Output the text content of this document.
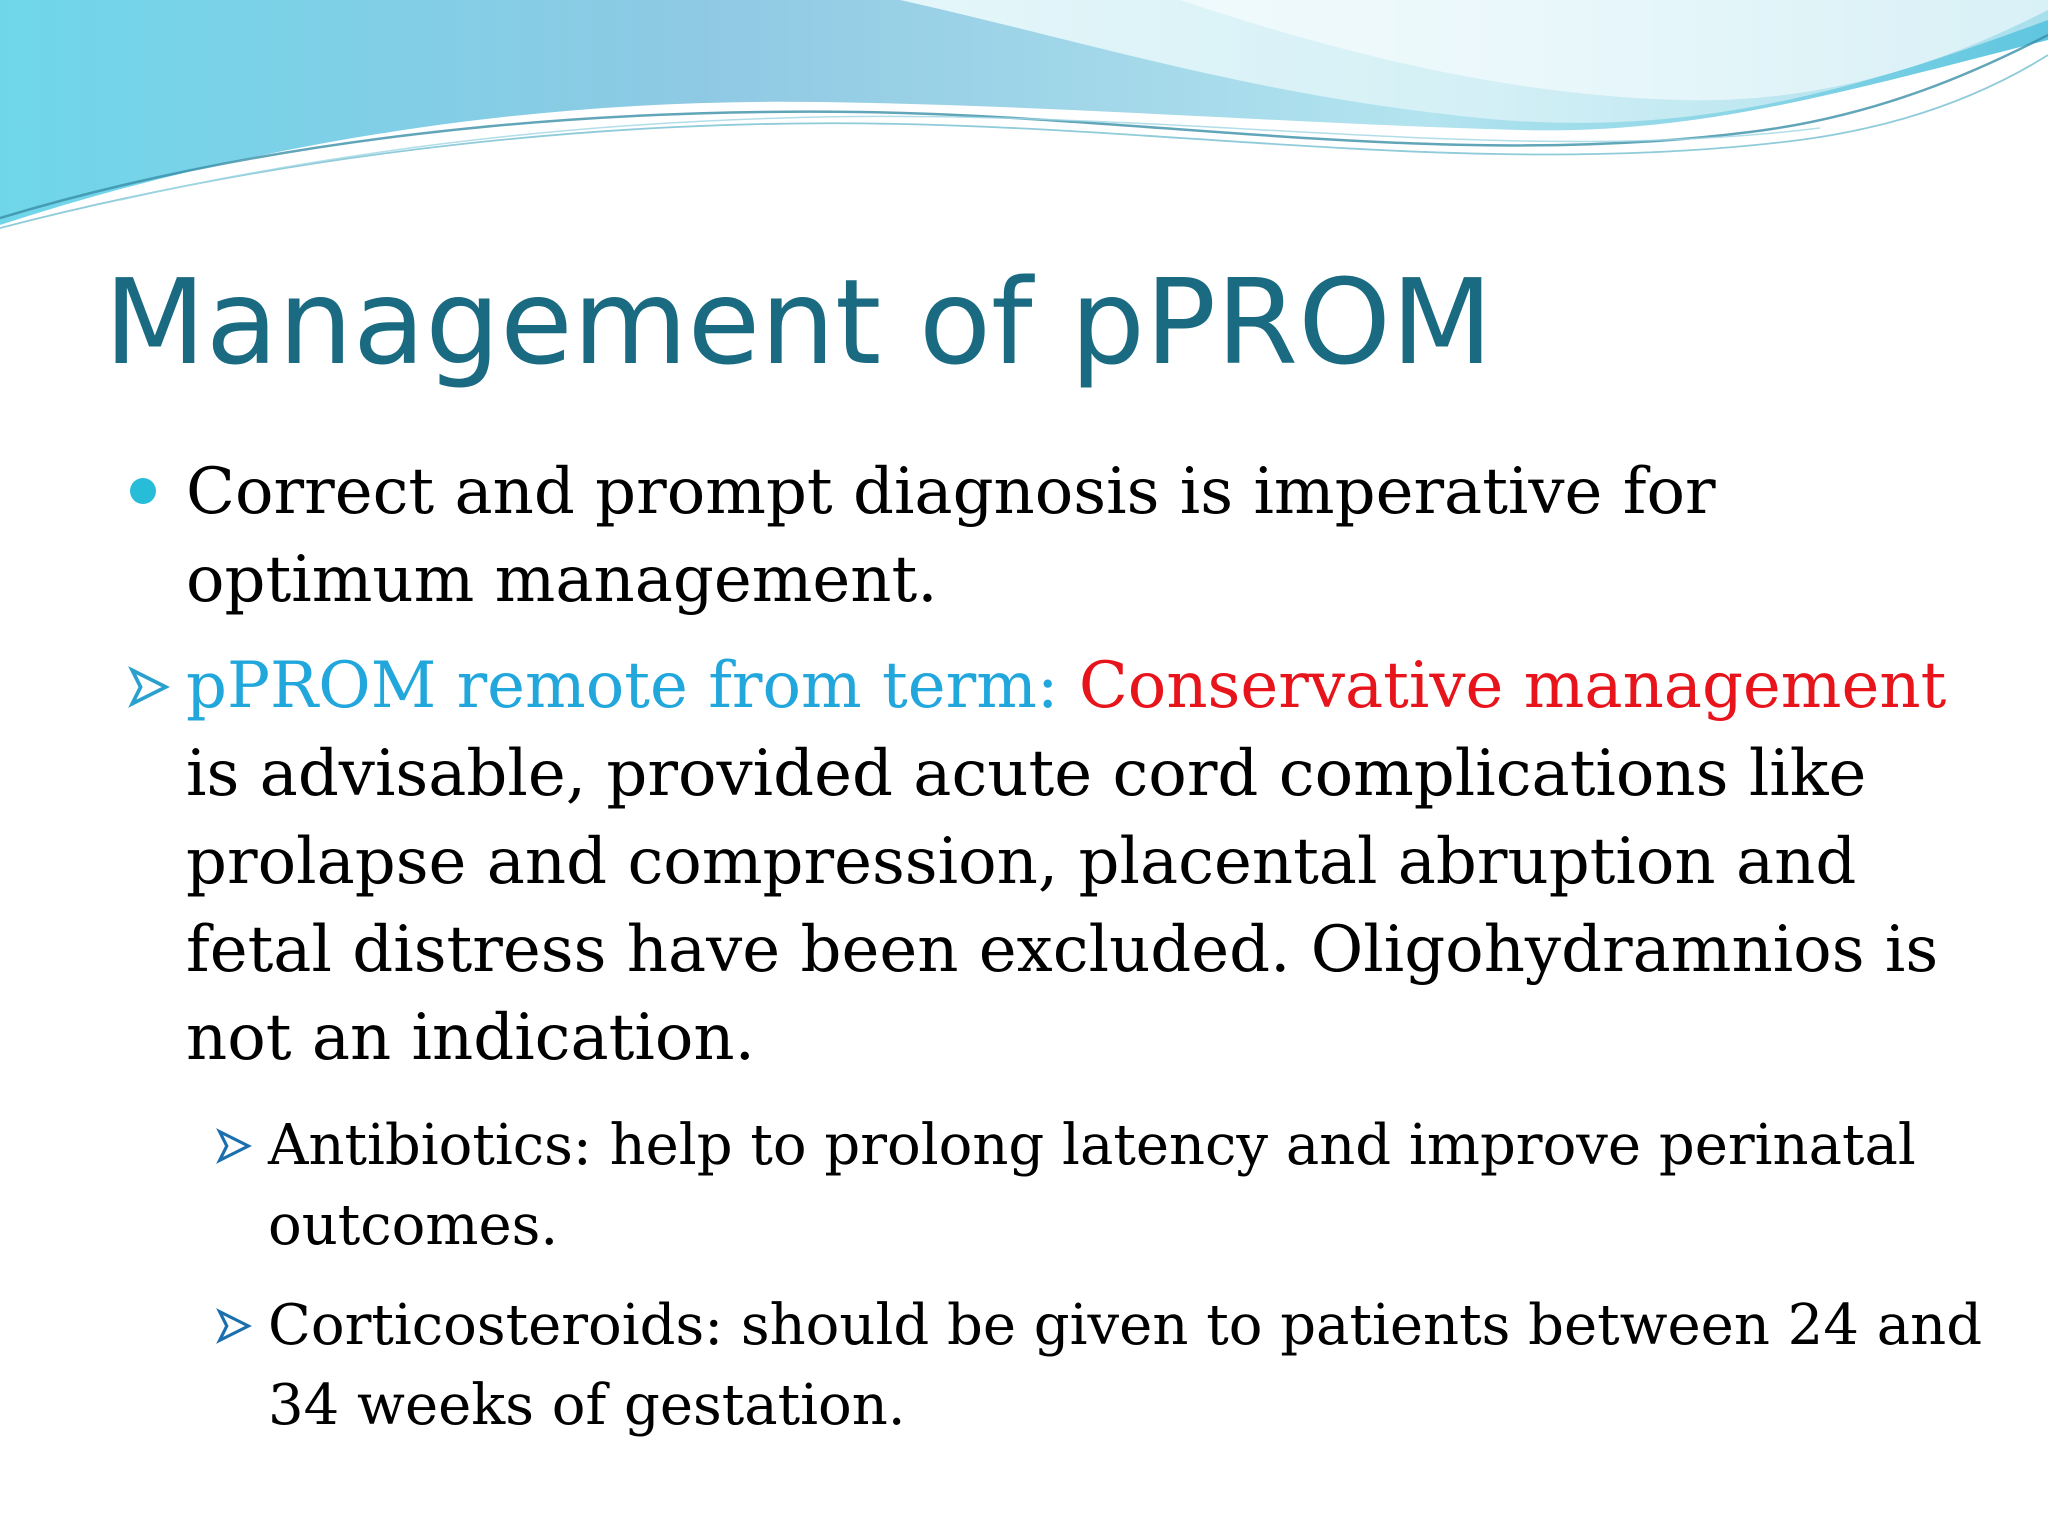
Management of pPROM

Correct and prompt diagnosis is imperative for optimum management.

pPROM remote from term: Conservative management is advisable, provided acute cord complications like prolapse and compression, placental abruption and fetal distress have been excluded. Oligohydramnios is not an indication.

Antibiotics: help to prolong latency and improve perinatal outcomes.

Corticosteroids: should be given to patients between 24 and 34 weeks of gestation.
